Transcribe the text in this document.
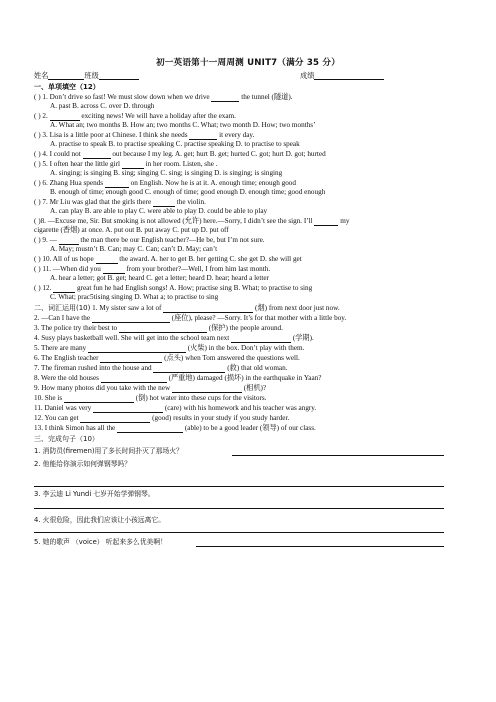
初一英语第十一周周测 UNIT7（满分 35 分）
姓名	班级	成绩
一、单项填空（12）
( ) 1. Don’t drive so fast! We must slow down when we drive	the tunnel (隧道).
A. past B. across C. over D. through
( ) 2.	exciting news! We will have a holiday after the exam.
A. What an; two months B. How an; two months C. What; two month D. How; two months’
( ) 3. Lisa is a little poor at Chinese. I think she needs	it every day.
A. practise to speak B. to practise speaking C. practise speaking D. to practise to speak
( ) 4. I could not	out because I my leg. A. get; hurt B. get; hurted C. got; hurt D. got; hurted
( ) 5. I often hear the little girl	in her room. Listen, she .
A. singing; is singing B. sing; singing C. sing; is singing D. is singing; is singing
( ) 6. Zhang Hua spends	on English. Now he is at it. A. enough time; enough good
B. enough of time; enough good C. enough of time; good enough D. enough time; good enough
( ) 7. Mr Liu was glad that the girls there	the violin.
A. can play B. are able to play C. were able to play D. could be able to play
( )8. —Excuse me, Sir. But smoking is not allowed (允许) here.—Sorry, I didn’t see the sign. I’ll	my
cigarette (香烟) at once. A. put out B. put away C. put up D. put off
( ) 9. —	the man there be our English teacher?—He be, but I’m not sure.
A. May; mustn’t B. Can; may C. Can; can’t D. May; can’t
( ) 10. All of us hope	the award. A. her to get B. her getting C. she get D. she will get
( ) 11. —When did you	from your brother?—Well, I from him last month.
A. hear a letter; got B. get; heard C. get a letter; heard D. hear; heard a letter
( ) 12.	great fun he had English songs! A. How; practise sing B. What; to practise to sing
C. What; prac5tising singing D. What a; to practise to sing
二、词汇运用(10) 1. My sister saw a lot of	(烟) from next door just now.
2. —Can I have the	(座位), please? —Sorry. It’s for that mother with a little boy.
3. The police try their best to	(保护) the people around.
4. Susy plays basketball well. She will get into the school team next	(学期).
5. There are many	(火柴) in the box. Don’t play with them.
6. The English teacher	(点头) when Tom answered the questions well.
7. The fireman rushed into the house and	(救) that old woman.
8. Were the old houses	(严重地) damaged (损坏) in the earthquake in Yaan?
9. How many photos did you take with the new	(相机)?
10. She is	(倒) hot water into these cups for the visitors.
11. Daniel was very	(care) with his homework and his teacher was angry.
12. You can get	(good) results in your study if you study harder.
13. I think Simon has all the	(able) to be a good leader (领导) of our class.
三、完成句子（10）
1. 消防员(firemen)用了多长时间扑灭了那场火？
2. 他能给你演示如何弹钢琴吗？
3. 李云迪 Li Yundi 七岁开始学弹钢琴。
4. 火很危险，因此我们应该让小孩远离它。
5. 她的歌声 （voice） 听起来多么优美啊！
